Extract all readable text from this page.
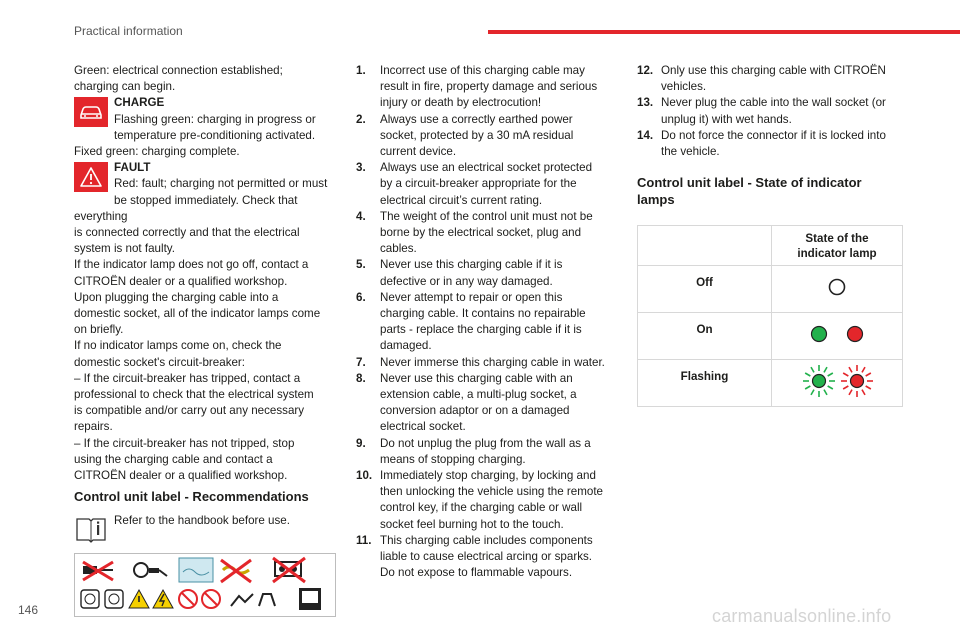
Practical information
146	carmanualsonline.info
Green: electrical connection established;
charging can begin.
CHARGE
Flashing green: charging in progress or
temperature pre-conditioning activated.
Fixed green: charging complete.
FAULT
Red: fault; charging not permitted or must
be stopped immediately. Check that everything
is connected correctly and that the electrical
system is not faulty.
If the indicator lamp does not go off, contact a
CITROËN dealer or a qualified workshop.
Upon plugging the charging cable into a
domestic socket, all of the indicator lamps come
on briefly.
If no indicator lamps come on, check the
domestic socket's circuit-breaker:
– If the circuit-breaker has tripped, contact a
professional to check that the electrical system
is compatible and/or carry out any necessary
repairs.
– If the circuit-breaker has not tripped, stop
using the charging cable and contact a
CITROËN dealer or a qualified workshop.
Control unit label - Recommendations
Refer to the handbook before use.
1.	Incorrect use of this charging cable may
result in fire, property damage and serious
injury or death by electrocution!
2.	Always use a correctly earthed power
socket, protected by a 30 mA residual
current device.
3.	Always use an electrical socket protected
by a circuit-breaker appropriate for the
electrical circuit’s current rating.
4.	The weight of the control unit must not be
borne by the electrical socket, plug and
cables.
5.	Never use this charging cable if it is
defective or in any way damaged.
6.	Never attempt to repair or open this
charging cable. It contains no repairable
parts - replace the charging cable if it is
damaged.
7.	Never immerse this charging cable in water.
8.	Never use this charging cable with an
extension cable, a multi-plug socket, a
conversion adaptor or on a damaged
electrical socket.
9.	Do not unplug the plug from the wall as a
means of stopping charging.
10. Immediately stop charging, by locking and
then unlocking the vehicle using the remote
control key, if the charging cable or wall
socket feel burning hot to the touch.
11. This charging cable includes components
liable to cause electrical arcing or sparks.
Do not expose to flammable vapours.
12. Only use this charging cable with CITROËN
vehicles.
13. Never plug the cable into the wall socket (or
unplug it) with wet hands.
14. Do not force the connector if it is locked into
the vehicle.
Control unit label - State of indicator
lamps

	State of the
indicator lamp

Off	
On	
Flashing	
